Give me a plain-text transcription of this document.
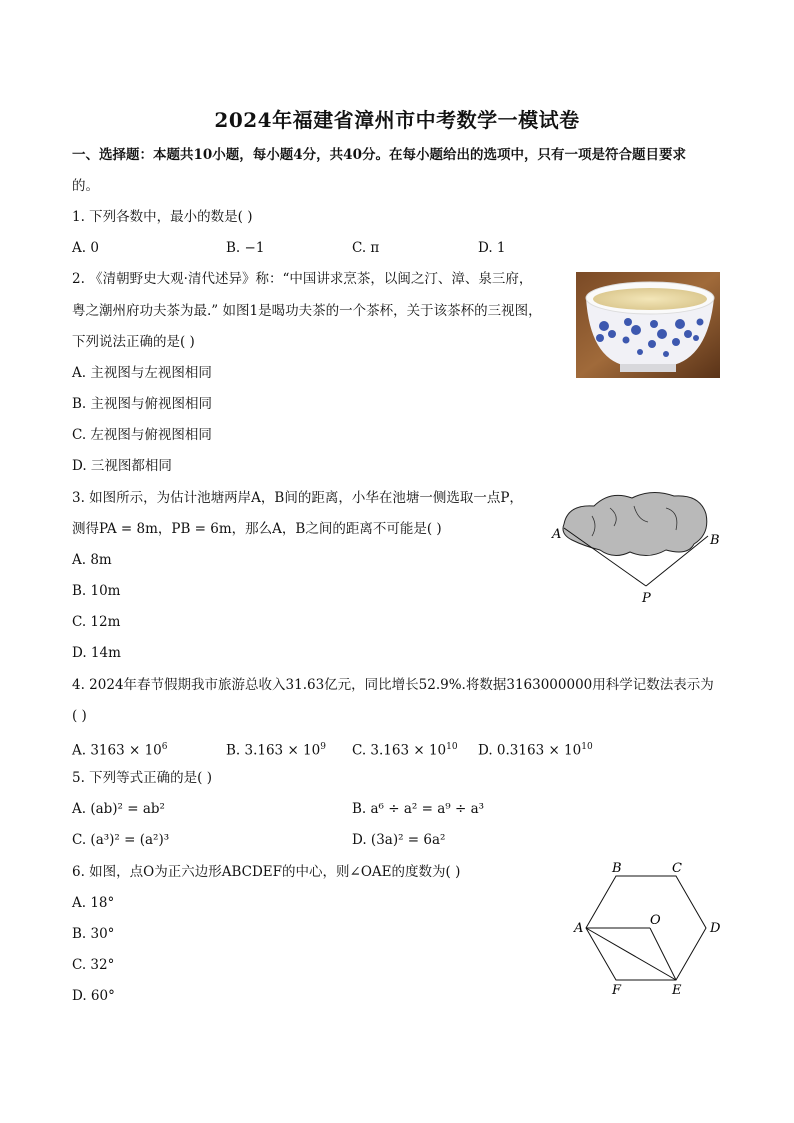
2024年福建省漳州市中考数学一模试卷
一、选择题：本题共10小题，每小题4分，共40分。在每小题给出的选项中，只有一项是符合题目要求
的。
1. 下列各数中，最小的数是( )
A. 0	B. −1	C. π	D. 1
2. 《清朝野史大观·清代述异》称：“中国讲求烹茶，以闽之汀、漳、泉三府，
粤之潮州府功夫茶为最.” 如图1是喝功夫茶的一个茶杯，关于该茶杯的三视图，
下列说法正确的是( )
A. 主视图与左视图相同
B. 主视图与俯视图相同
C. 左视图与俯视图相同
D. 三视图都相同
3. 如图所示，为估计池塘两岸A，B间的距离，小华在池塘一侧选取一点P，
测得PA = 8m，PB = 6m，那么A，B之间的距离不可能是( )
A. 8m
B. 10m
C. 12m
D. 14m
A	B
P
4. 2024年春节假期我市旅游总收入31.63亿元，同比增长52.9%.将数据3163000000用科学记数法表示为
( )
A. $3163 \times 10^6$	B. $3.163 \times 10^9$ C. $3.163 \times 10^{10}$ D. $0.3163 \times 10^{10}$
5. 下列等式正确的是( )
A. (ab)² = ab²	B. a⁶ ÷ a² = a⁹ ÷ a³
C. (a³)² = (a²)³	D. (3a)² = 6a²
6. 如图，点O为正六边形ABCDEF的中心，则∠OAE的度数为( )
A. 18°
B. 30°
C. 32°
D. 60°
B	C
D
E
F
A
O
